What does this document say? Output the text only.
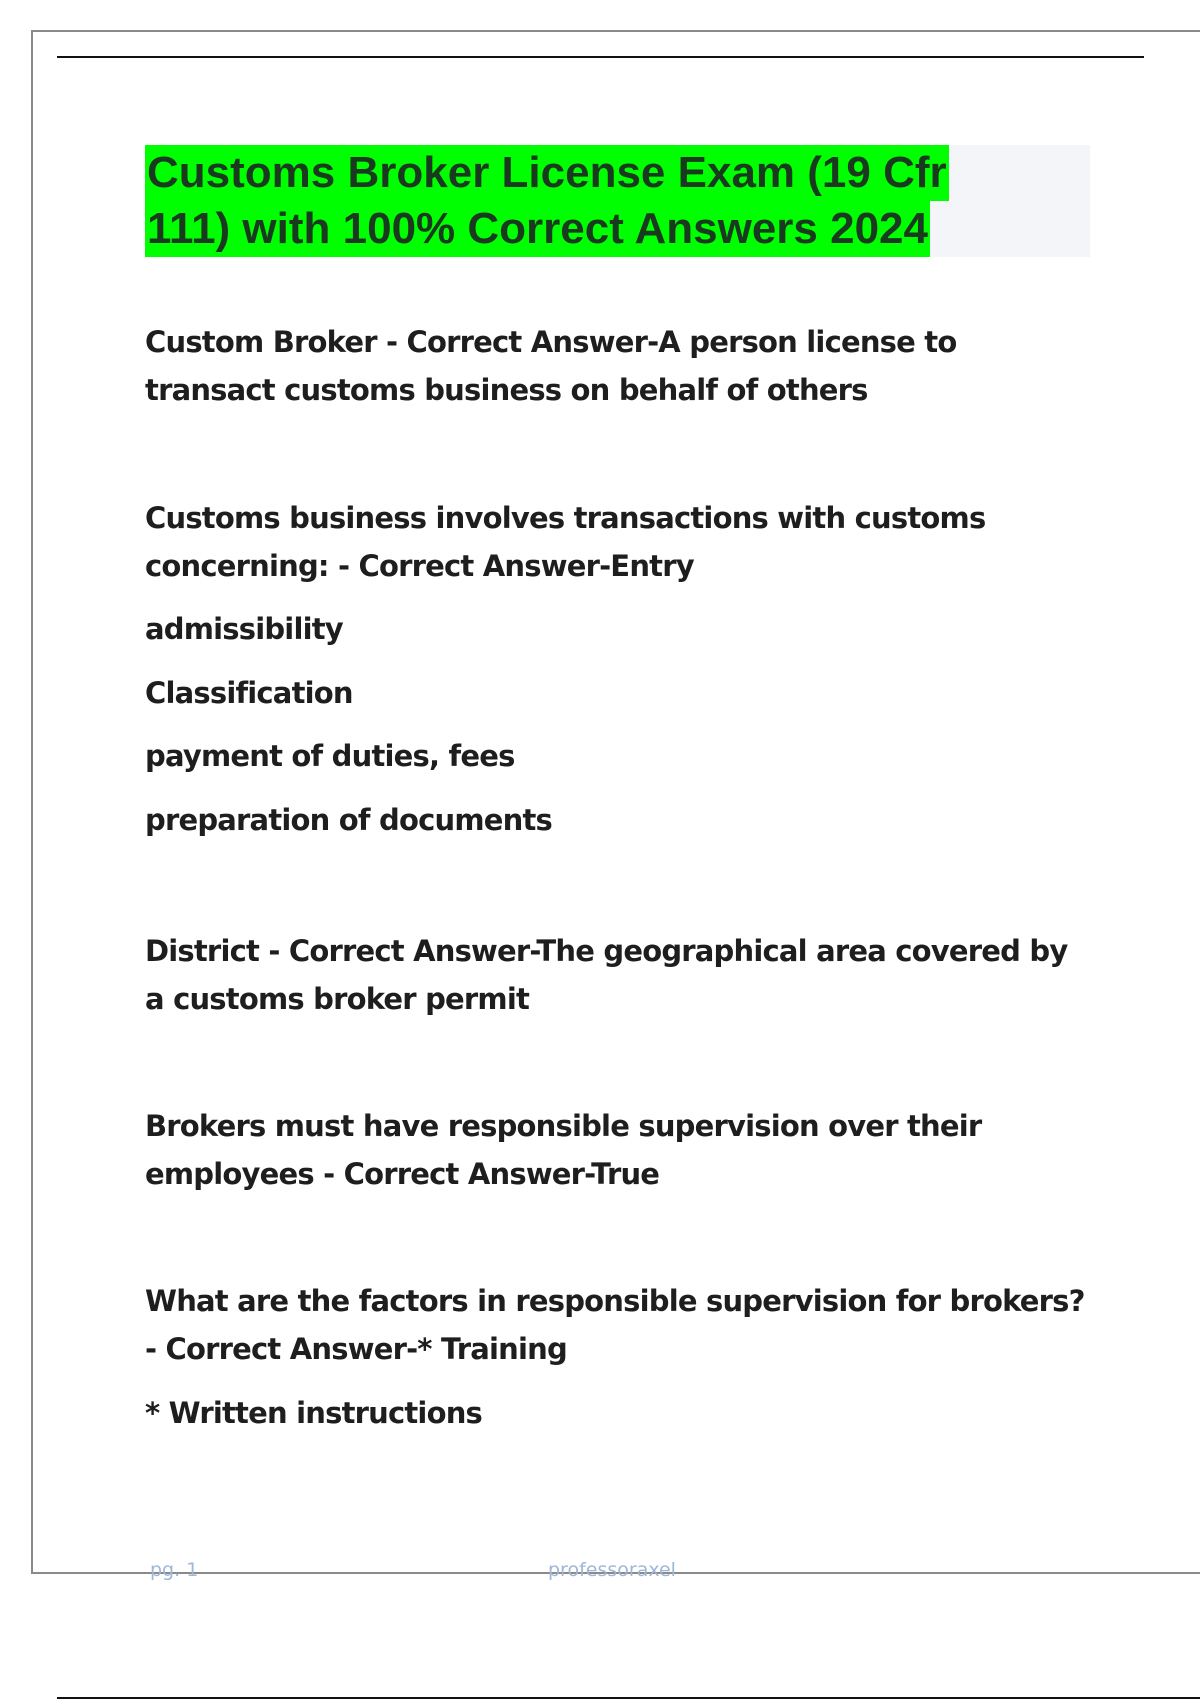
Customs Broker License Exam (19 Cfr
111) with 100% Correct Answers 2024

Custom Broker - Correct Answer-A person license to transact customs business on behalf of others

Customs business involves transactions with customs concerning: - Correct Answer-Entry

admissibility

Classification

payment of duties, fees

preparation of documents

District - Correct Answer-The geographical area covered by a customs broker permit

Brokers must have responsible supervision over their employees - Correct Answer-True

What are the factors in responsible supervision for brokers? - Correct Answer-* Training

* Written instructions

pg. 1	professoraxel
